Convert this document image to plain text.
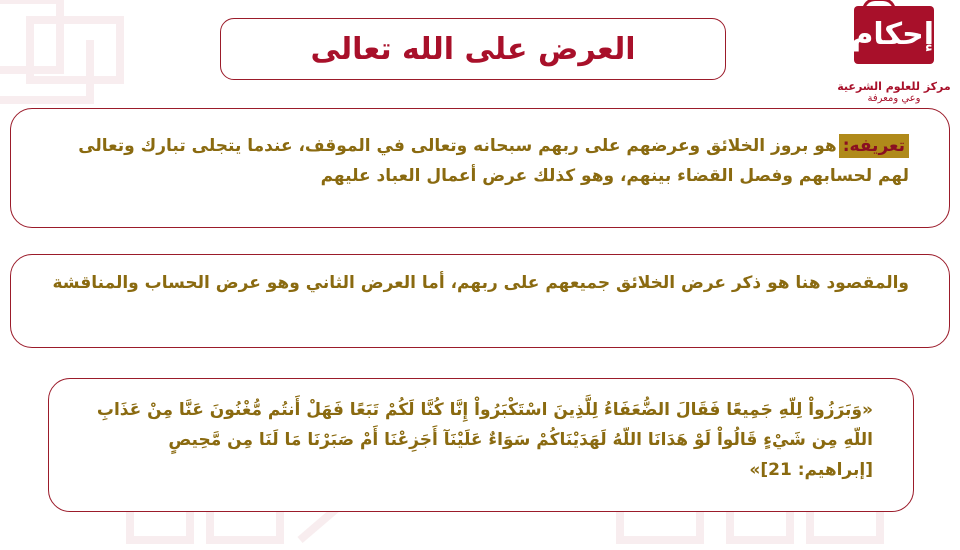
إحكام
مركز للعلوم الشرعية
وعي ومعرفة
العرض على الله تعالى
تعريفه:هو بروز الخلائق وعرضهم على ربهم سبحانه وتعالى في الموقف، عندما يتجلى تبارك وتعالى لهم لحسابهم وفصل القضاء بينهم، وهو كذلك عرض أعمال العباد عليهم
والمقصود هنا هو ذكر عرض الخلائق جميعهم على ربهم، أما العرض الثاني وهو عرض الحساب والمناقشة
«وَبَرَزُواْ لِلّهِ جَمِيعًا فَقَالَ الضُّعَفَاءُ لِلَّذِينَ اسْتَكْبَرُواْ إِنَّا كُنَّا لَكُمْ تَبَعًا فَهَلْ أَنتُم مُّغْنُونَ عَنَّا مِنْ عَذَابِ اللّهِ مِن شَيْءٍ قَالُواْ لَوْ هَدَانَا اللّهُ لَهَدَيْنَاكُمْ سَوَاءٌ عَلَيْنَآ أَجَزِعْنَا أَمْ صَبَرْنَا مَا لَنَا مِن مَّحِيصٍ [إبراهيم: 21]»
